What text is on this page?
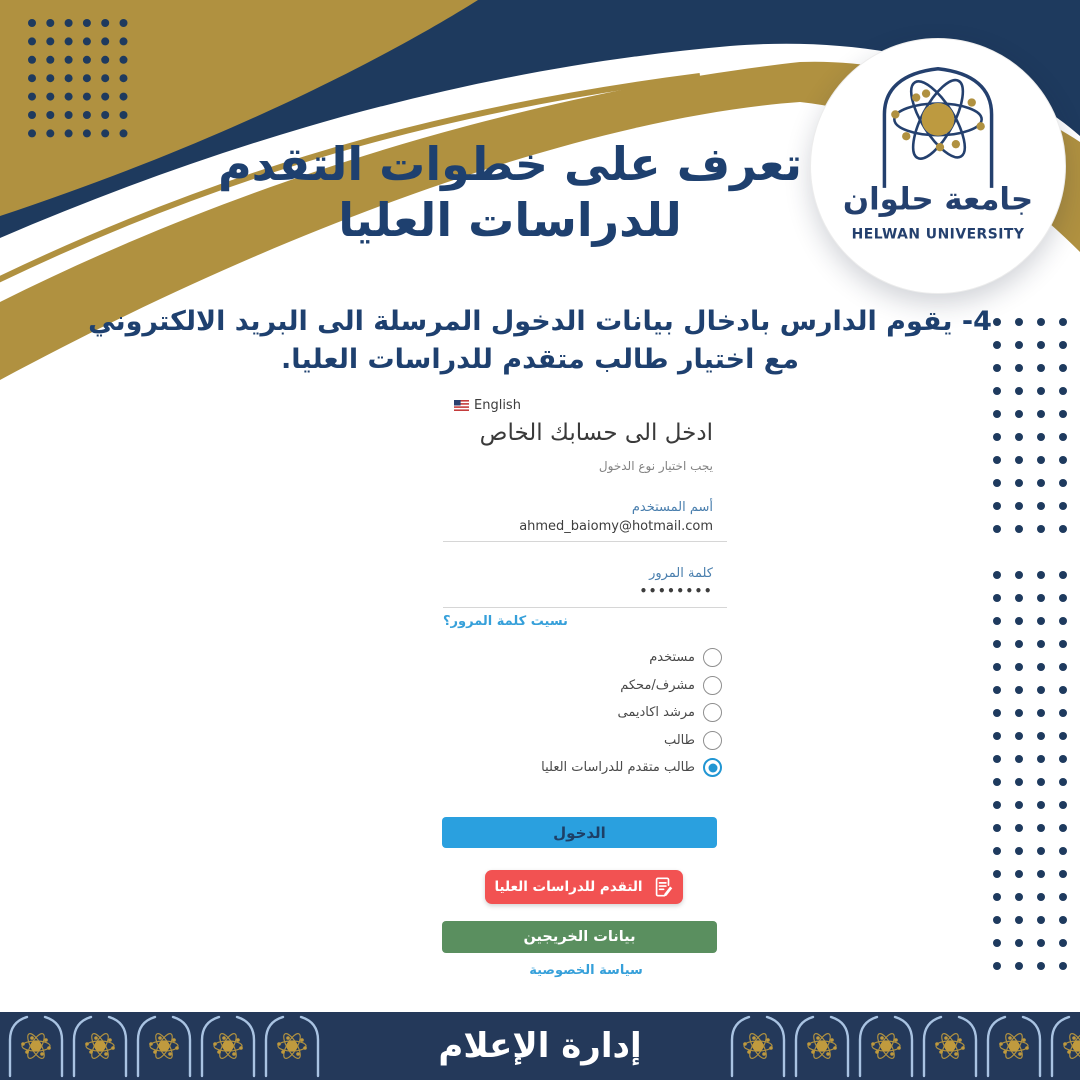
جامعة حلوان
HELWAN UNIVERSITY
تعرف على خطوات التقدم
للدراسات العليا
4- يقوم الدارس بادخال بيانات الدخول المرسلة الى البريد الالكتروني
مع اختيار طالب متقدم للدراسات العليا.
English
ادخل الى حسابك الخاص
يجب اختيار نوع الدخول
أسم المستخدم
ahmed_baiomy@hotmail.com
كلمة المرور
••••••••
نسيت كلمة المرور؟
مستخدم
مشرف/محكم
مرشد اكاديمى
طالب
طالب متقدم للدراسات العليا
الدخول
التقدم للدراسات العليا
بيانات الخريجين
سياسة الخصوصية
إدارة الإعلام
